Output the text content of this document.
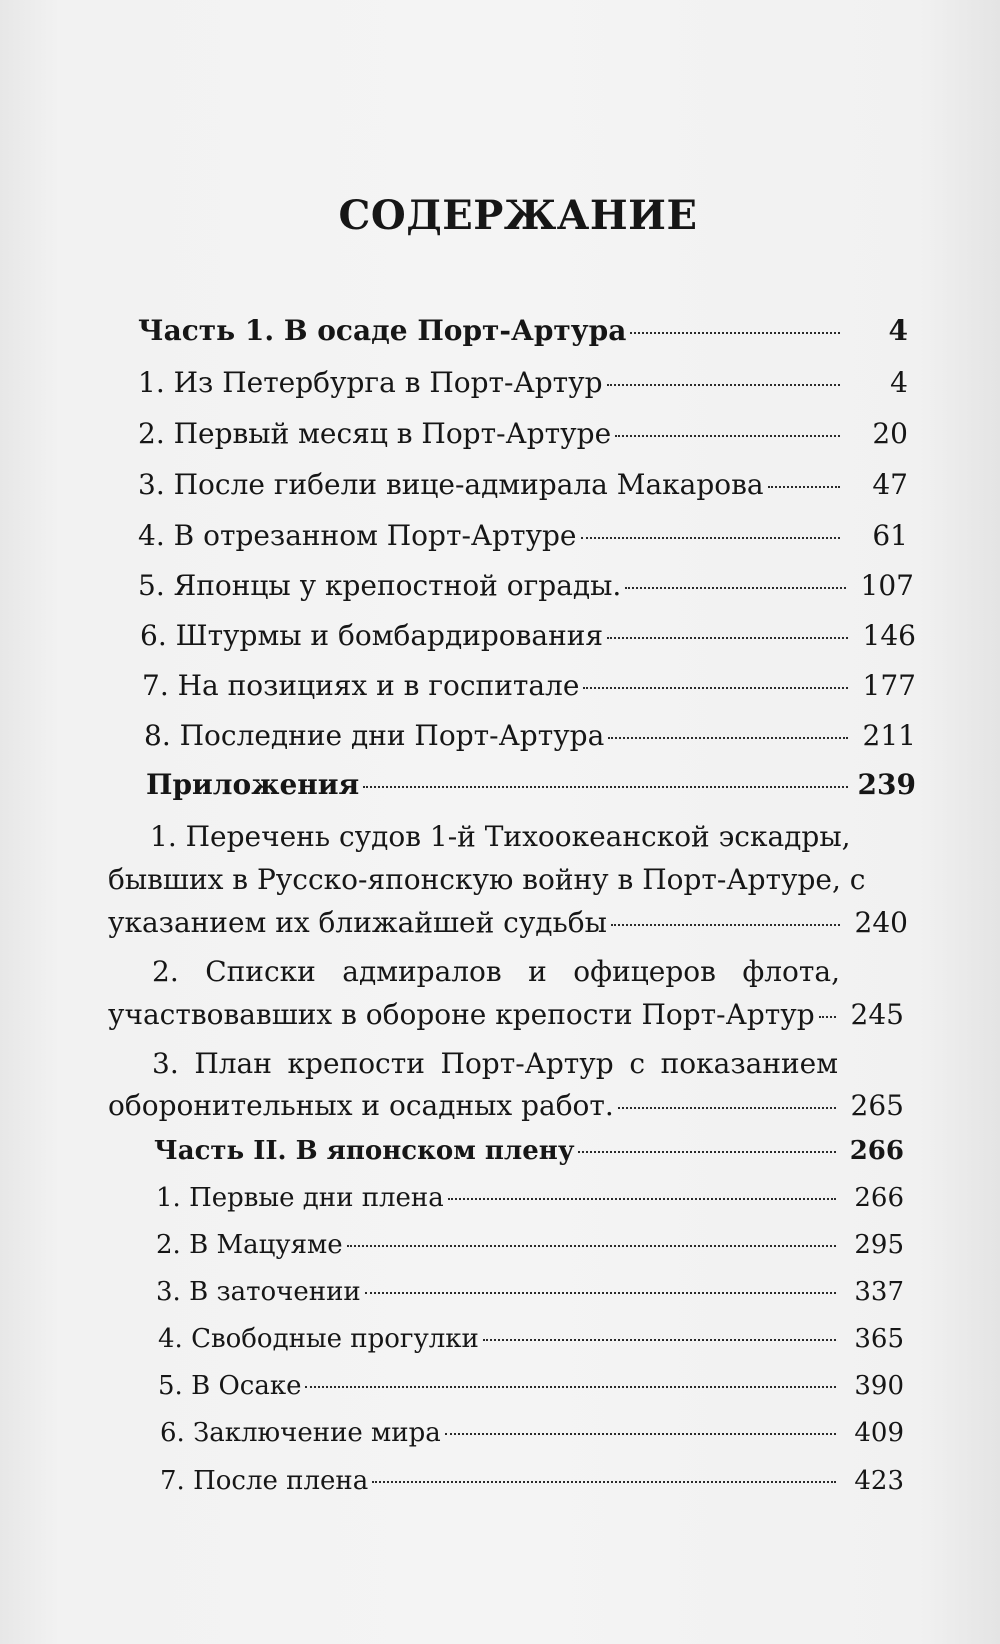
СОДЕРЖАНИЕ
Часть 1. В осаде Порт-Артура	4
1. Из Петербурга в Порт-Артур	4
2. Первый месяц в Порт-Артуре	20
3. После гибели вице-адмирала Макарова	47
4. В отрезанном Порт-Артуре	61
5. Японцы у крепостной ограды.	107
6. Штурмы и бомбардирования	146
7. На позициях и в госпитале	177
8. Последние дни Порт-Артура	211
Приложения	239
1. Перечень судов 1-й Тихоокеанской эскадры,
бывших в Русско-японскую войну в Порт-Артуре, с
указанием их ближайшей судьбы	240
2. Списки адмиралов и офицеров флота,
участвовавших в обороне крепости Порт-Артур	245
3. План крепости Порт-Артур с показанием
оборонительных и осадных работ.	265
Часть II. В японском плену	266
1. Первые дни плена	266
2. В Мацуяме	295
3. В заточении	337
4. Свободные прогулки	365
5. В Осаке	390
6. Заключение мира	409
7. После плена	423
